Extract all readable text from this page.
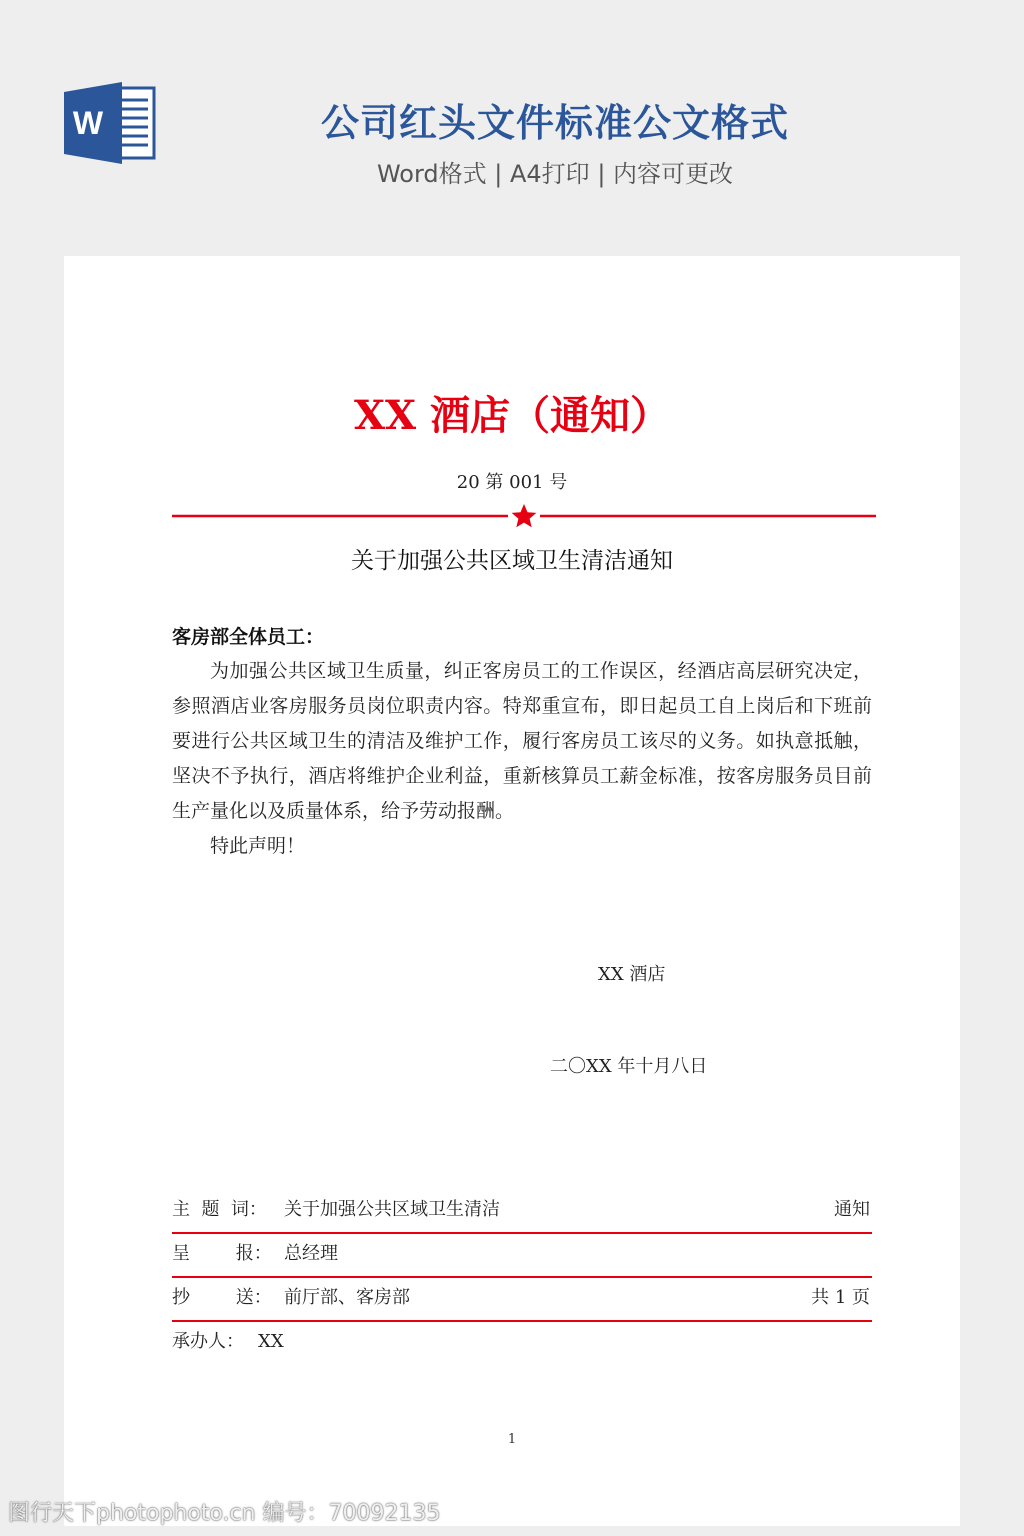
W	公司红头文件标准公文格式
Word格式 | A4打印 | 内容可更改
XX 酒店（通知）
20 第 001 号
关于加强公共区域卫生清洁通知
客房部全体员工：

为加强公共区域卫生质量，纠正客房员工的工作误区，经酒店高层研究决定，参照酒店业客房服务员岗位职责内容。特郑重宣布，即日起员工自上岗后和下班前要进行公共区域卫生的清洁及维护工作，履行客房员工该尽的义务。如执意抵触，坚决不予执行，酒店将维护企业利益，重新核算员工薪金标准，按客房服务员目前生产量化以及质量体系，给予劳动报酬。

特此声明！

XX 酒店
二〇XX 年十月八日
主  题  词： 关于加强公共区域卫生清洁	通知
呈        报： 总经理
抄        送： 前厅部、客房部	共 1 页
承办人： XX
1
图行天下photophoto.cn 编号：70092135
